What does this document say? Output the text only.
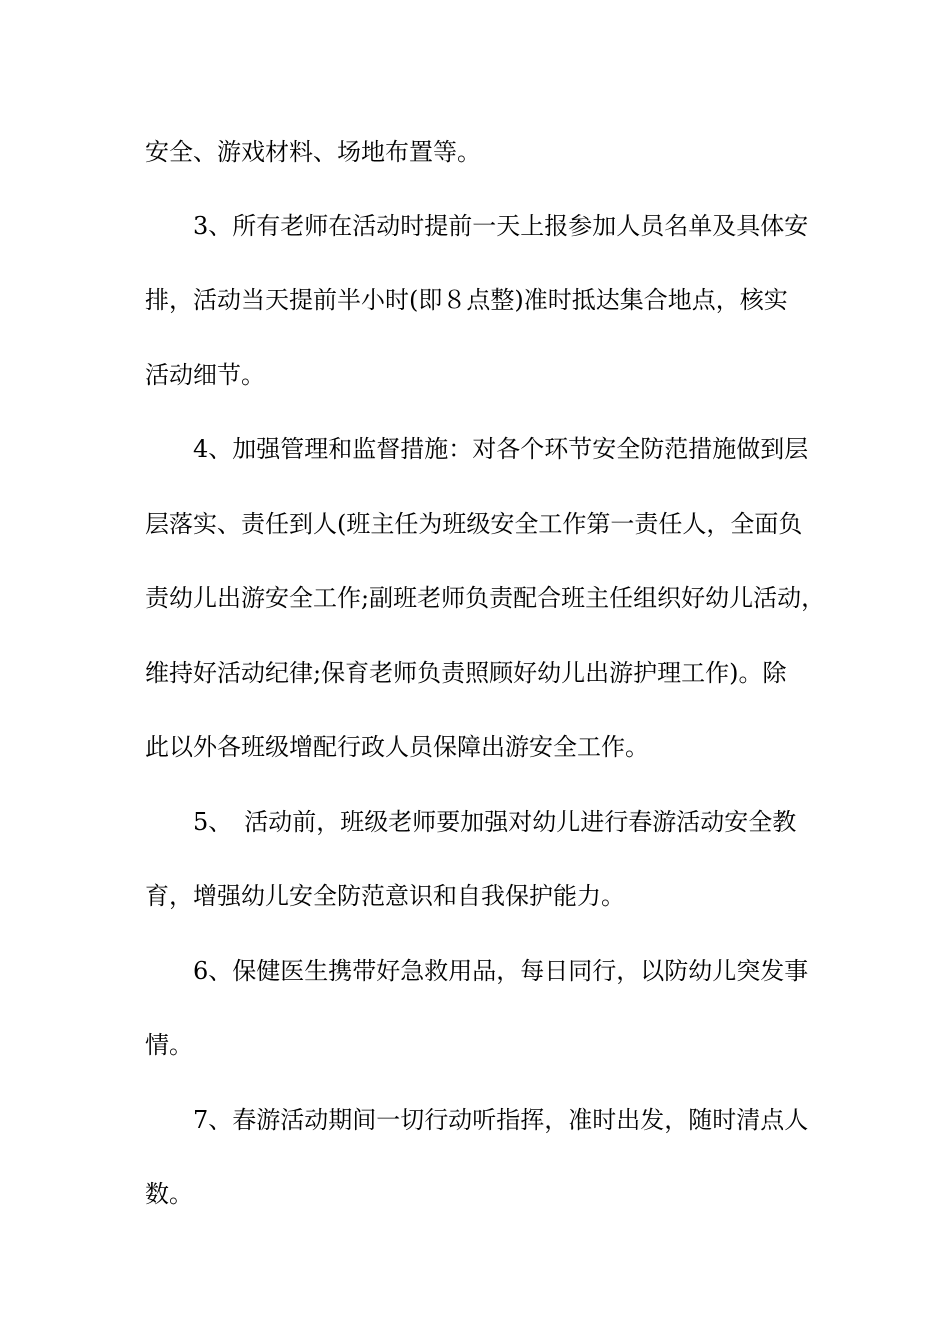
安全、游戏材料、场地布置等。
3、所有老师在活动时提前一天上报参加人员名单及具体安
排，活动当天提前半小时(即８点整)准时抵达集合地点，核实
活动细节。
4、加强管理和监督措施：对各个环节安全防范措施做到层
层落实、责任到人(班主任为班级安全工作第一责任人，全面负
责幼儿出游安全工作;副班老师负责配合班主任组织好幼儿活动，
维持好活动纪律;保育老师负责照顾好幼儿出游护理工作)。除
此以外各班级增配行政人员保障出游安全工作。
5、　活动前，班级老师要加强对幼儿进行春游活动安全教
育，增强幼儿安全防范意识和自我保护能力。
6、保健医生携带好急救用品，每日同行，以防幼儿突发事
情。
7、春游活动期间一切行动听指挥，准时出发，随时清点人
数。
